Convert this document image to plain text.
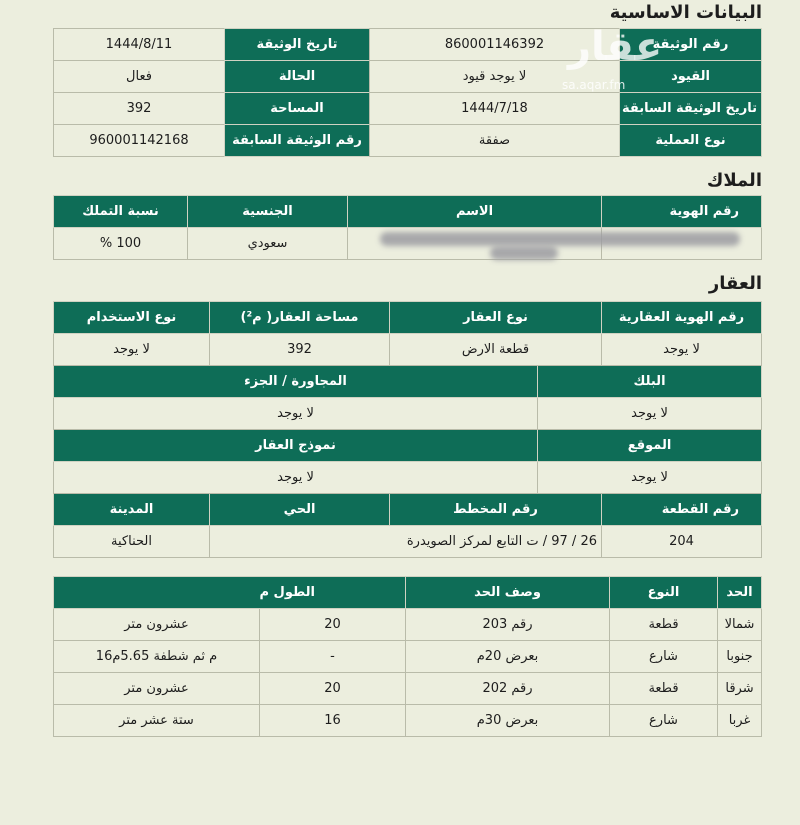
البيانات الاساسية
رقم الوثيقة	860001146392	تاريخ الوثيقة	1444/8/11
القيود	لا يوجد قيود	الحالة	فعال
تاريخ الوثيقة السابقة	1444/7/18	المساحة	392
نوع العملية	صفقة	رقم الوثيقة السابقة	960001142168
عقار
sa.aqar.fm
الملاك
رقم الهوية	الاسم	الجنسية	نسبة التملك
		سعودي	100 %
العقار
رقم الهوية العقارية	نوع العقار		مساحة العقار( م²)	نوع الاستخدام
لا يوجد	قطعة الارض		392	لا يوجد
البلك		المجاورة / الجزء		
لا يوجد		لا يوجد		
الموقع		نموذج العقار		
لا يوجد		لا يوجد		
رقم القطعة	رقم المخطط		الحي	المدينة
204	26 / 97 / ت التابع لمركز الصويدرة			الحناكية
الحد	النوع	وصف الحد	الطول م	
شمالا	قطعة	رقم 203	20	عشرون متر
جنوبا	شارع	بعرض 20م	-	م ثم شطفة 5.65م16
شرقا	قطعة	رقم 202	20	عشرون متر
غربا	شارع	بعرض 30م	16	ستة عشر متر
